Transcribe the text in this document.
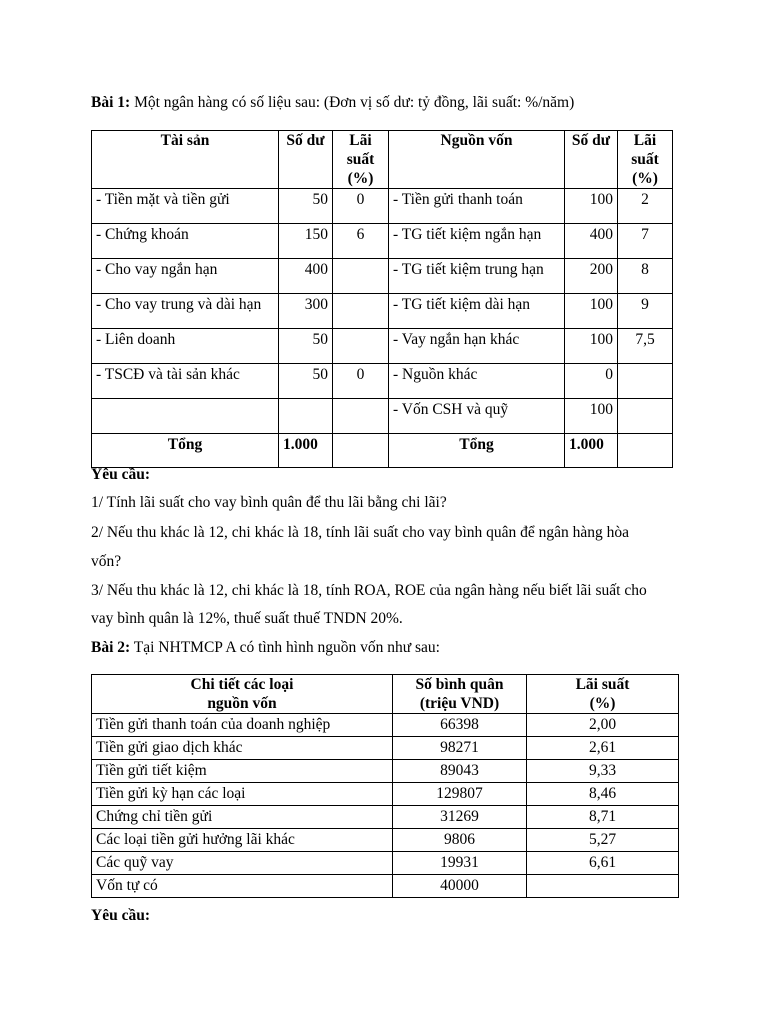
Bài 1: Một ngân hàng có số liệu sau: (Đơn vị số dư: tỷ đồng, lãi suất: %/năm)
Tài sản	Số dư	Lãi
suất
(%)	Nguồn vốn	Số dư	Lãi
suất
(%)
- Tiền mặt và tiền gửi	50	0	- Tiền gửi thanh toán	100	2
- Chứng khoán	150	6	- TG tiết kiệm ngắn hạn	400	7
- Cho vay ngắn hạn	400		- TG tiết kiệm trung hạn	200	8
- Cho vay trung và dài hạn	300		- TG tiết kiệm dài hạn	100	9
- Liên doanh	50		- Vay ngắn hạn khác	100	7,5
- TSCĐ và tài sản khác	50	0	- Nguồn khác	0	
			- Vốn CSH và quỹ	100	
Tổng	1.000		Tổng	1.000	
Yêu cầu:
1/ Tính lãi suất cho vay bình quân để thu lãi bằng chi lãi?
2/ Nếu thu khác là 12, chi khác là 18, tính lãi suất cho vay bình quân để ngân hàng hòa
vốn?
3/ Nếu thu khác là 12, chi khác là 18, tính ROA, ROE của ngân hàng nếu biết lãi suất cho
vay bình quân là 12%, thuế suất thuế TNDN 20%.
Bài 2: Tại NHTMCP A có tình hình nguồn vốn như sau:
Chi tiết các loại
nguồn vốn	Số bình quân
(triệu VND)	Lãi suất
(%)
Tiền gửi thanh toán của doanh nghiệp	66398	2,00
Tiền gửi giao dịch khác	98271	2,61
Tiền gửi tiết kiệm	89043	9,33
Tiền gửi kỳ hạn các loại	129807	8,46
Chứng chỉ tiền gửi	31269	8,71
Các loại tiền gửi hưởng lãi khác	9806	5,27
Các quỹ vay	19931	6,61
Vốn tự có	40000	
Yêu cầu:
